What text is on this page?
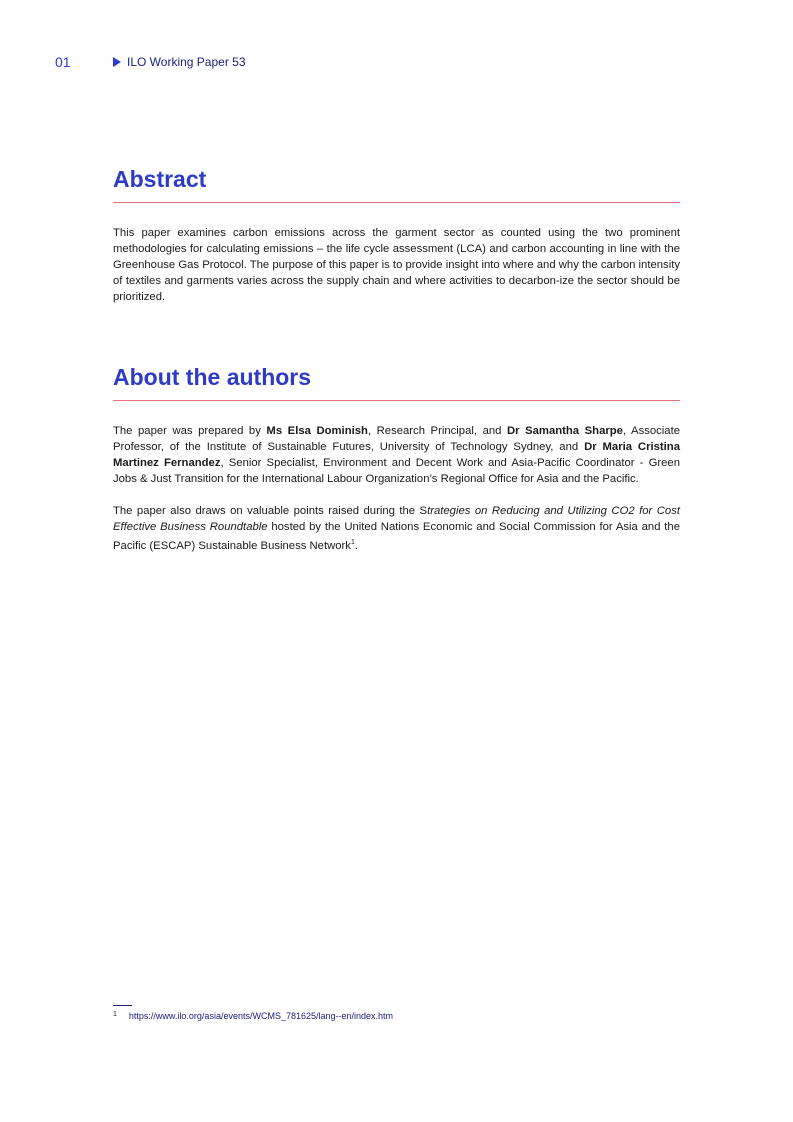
01	ILO Working Paper 53
Abstract

This paper examines carbon emissions across the garment sector as counted using the two prominent methodologies for calculating emissions – the life cycle assessment (LCA) and carbon accounting in line with the Greenhouse Gas Protocol. The purpose of this paper is to provide insight into where and why the carbon intensity of textiles and garments varies across the supply chain and where activities to decarbon-ize the sector should be prioritized.

About the authors

The paper was prepared by Ms Elsa Dominish, Research Principal, and Dr Samantha Sharpe, Associate Professor, of the Institute of Sustainable Futures, University of Technology Sydney, and Dr Maria Cristina Martinez Fernandez, Senior Specialist, Environment and Decent Work and Asia-Pacific Coordinator - Green Jobs & Just Transition for the International Labour Organization’s Regional Office for Asia and the Pacific.

The paper also draws on valuable points raised during the Strategies on Reducing and Utilizing CO2 for Cost Effective Business Roundtable hosted by the United Nations Economic and Social Commission for Asia and the Pacific (ESCAP) Sustainable Business Network$^1$.

1 https://www.ilo.org/asia/events/WCMS_781625/lang--en/index.htm
